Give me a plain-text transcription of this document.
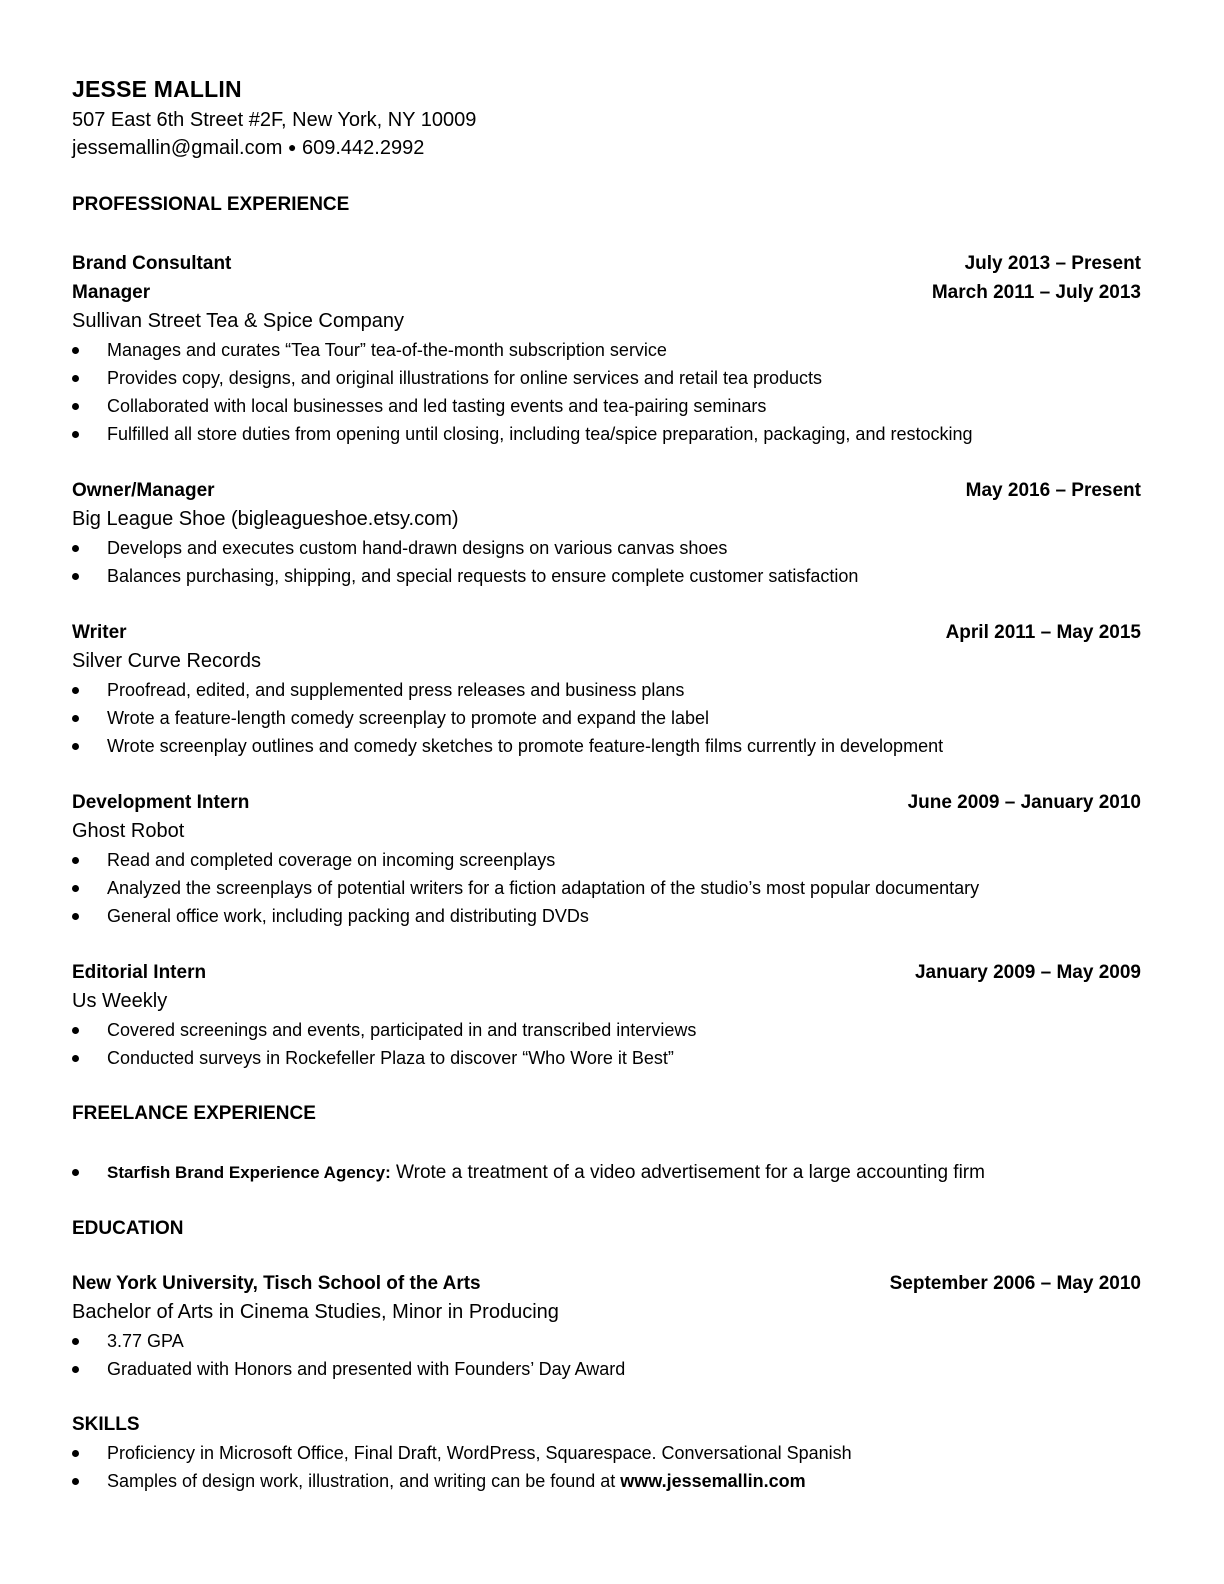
JESSE MALLIN

507 East 6th Street #2F, New York, NY 10009

jessemallin@gmail.com ● 609.442.2992

PROFESSIONAL EXPERIENCE
Brand Consultant	July 2013 – Present
Manager	March 2011 – July 2013
Sullivan Street Tea & Spice Company
Manages and curates “Tea Tour” tea-of-the-month subscription service
Provides copy, designs, and original illustrations for online services and retail tea products
Collaborated with local businesses and led tasting events and tea-pairing seminars
Fulfilled all store duties from opening until closing, including tea/spice preparation, packaging, and restocking
Owner/Manager	May 2016 – Present
Big League Shoe (bigleagueshoe.etsy.com)
Develops and executes custom hand-drawn designs on various canvas shoes
Balances purchasing, shipping, and special requests to ensure complete customer satisfaction
Writer	April 2011 – May 2015
Silver Curve Records
Proofread, edited, and supplemented press releases and business plans
Wrote a feature-length comedy screenplay to promote and expand the label
Wrote screenplay outlines and comedy sketches to promote feature-length films currently in development
Development Intern	June 2009 – January 2010
Ghost Robot
Read and completed coverage on incoming screenplays
Analyzed the screenplays of potential writers for a fiction adaptation of the studio’s most popular documentary
General office work, including packing and distributing DVDs
Editorial Intern	January 2009 – May 2009
Us Weekly
Covered screenings and events, participated in and transcribed interviews
Conducted surveys in Rockefeller Plaza to discover “Who Wore it Best”
FREELANCE EXPERIENCE
Starfish Brand Experience Agency: Wrote a treatment of a video advertisement for a large accounting firm
EDUCATION
New York University, Tisch School of the Arts	September 2006 – May 2010
Bachelor of Arts in Cinema Studies, Minor in Producing
3.77 GPA
Graduated with Honors and presented with Founders’ Day Award
SKILLS
Proficiency in Microsoft Office, Final Draft, WordPress, Squarespace. Conversational Spanish
Samples of design work, illustration, and writing can be found at www.jessemallin.com
